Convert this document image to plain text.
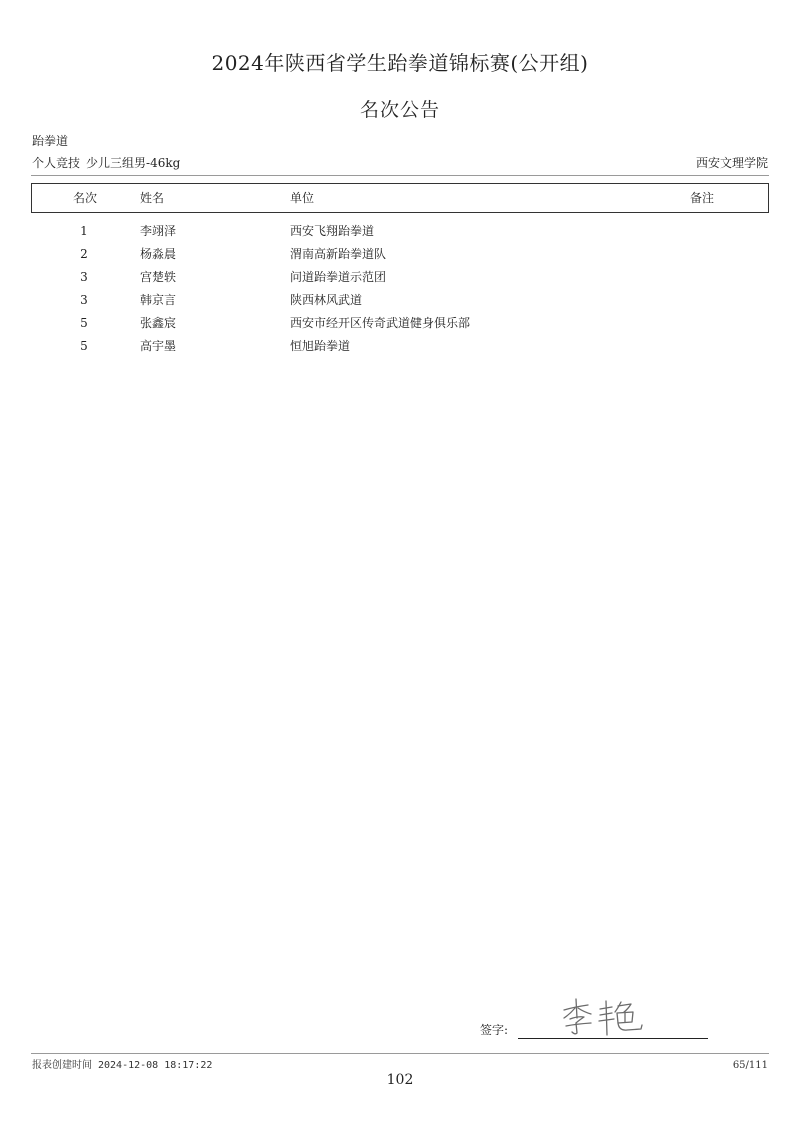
2024年陕西省学生跆拳道锦标赛(公开组)
名次公告
跆拳道
个人竞技 少儿三组男-46kg	西安文理学院
名次	姓名	单位	备注
1	李翊泽	西安飞翔跆拳道
2	杨淼晨	渭南高新跆拳道队
3	宫楚轶	问道跆拳道示范团
3	韩京言	陕西林风武道
5	张鑫宸	西安市经开区传奇武道健身俱乐部
5	高宇墨	恒旭跆拳道
签字:
报表创建时间 2024-12-08 18:17:22	65/111
102
